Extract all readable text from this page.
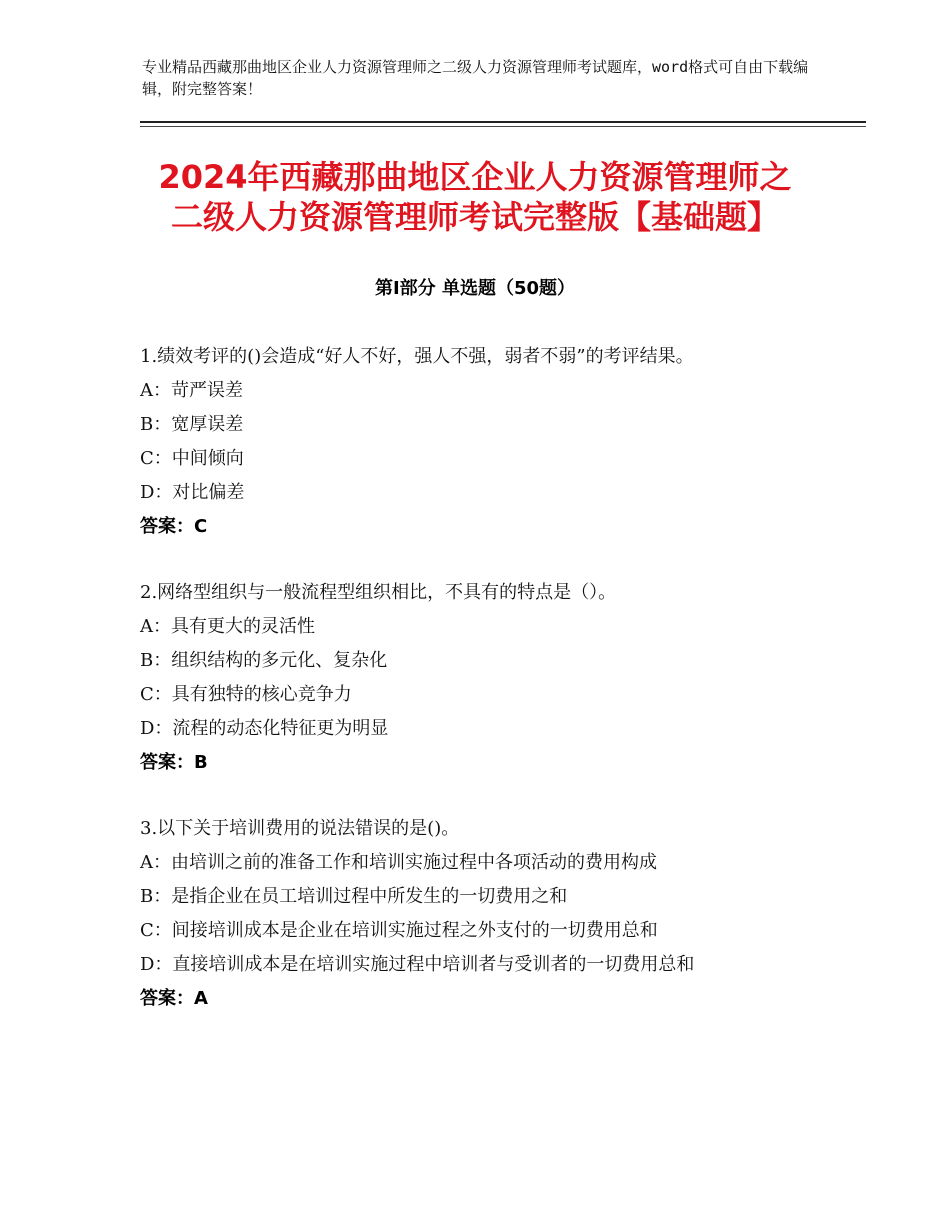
专业精品西藏那曲地区企业人力资源管理师之二级人力资源管理师考试题库，word格式可自由下载编辑，附完整答案！
2024年西藏那曲地区企业人力资源管理师之
二级人力资源管理师考试完整版【基础题】
第Ⅰ部分 单选题（50题）
1.绩效考评的()会造成“好人不好，强人不强，弱者不弱”的考评结果。
A：苛严误差
B：宽厚误差
C：中间倾向
D：对比偏差
答案：C
2.网络型组织与一般流程型组织相比，不具有的特点是（）。
A：具有更大的灵活性
B：组织结构的多元化、复杂化
C：具有独特的核心竞争力
D：流程的动态化特征更为明显
答案：B
3.以下关于培训费用的说法错误的是()。
A：由培训之前的准备工作和培训实施过程中各项活动的费用构成
B：是指企业在员工培训过程中所发生的一切费用之和
C：间接培训成本是企业在培训实施过程之外支付的一切费用总和
D：直接培训成本是在培训实施过程中培训者与受训者的一切费用总和
答案：A
